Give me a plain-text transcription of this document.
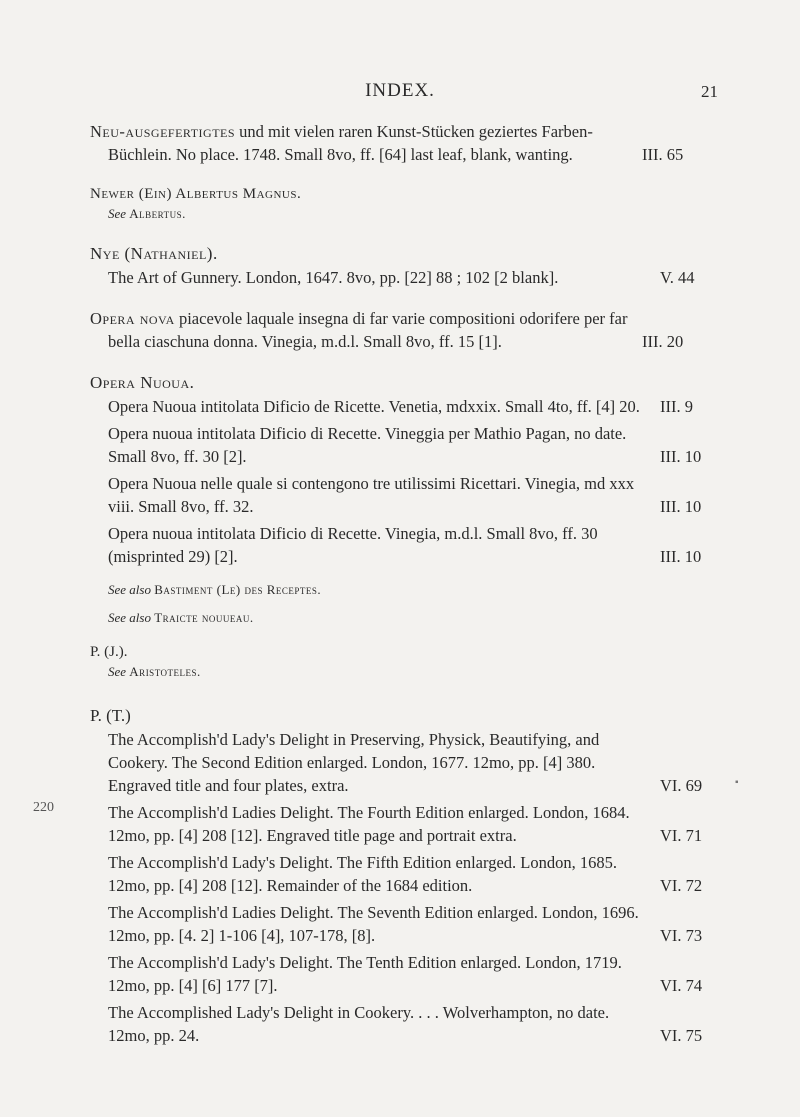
INDEX.	21
220
▪
Neu-ausgefertigtes und mit vielen raren Kunst-Stücken geziertes Farben-Büchlein. No place. 1748. Small 8vo, ff. [64] last leaf, blank, wanting.	III. 65
Newer (Ein) Albertus Magnus.
See Albertus.
Nye (Nathaniel).
The Art of Gunnery. London, 1647. 8vo, pp. [22] 88 ; 102 [2 blank].	V. 44
Opera nova piacevole laquale insegna di far varie compositioni odorifere per far bella ciaschuna donna. Vinegia, m.d.l. Small 8vo, ff. 15 [1].	III. 20
Opera Nuoua.
Opera Nuoua intitolata Dificio de Ricette. Venetia, mdxxix. Small 4to, ff. [4] 20. III. 9
Opera nuoua intitolata Dificio di Recette. Vineggia per Mathio Pagan, no date. Small 8vo, ff. 30 [2].	III. 10
Opera Nuoua nelle quale si contengono tre utilissimi Ricettari. Vinegia, md xxx viii. Small 8vo, ff. 32.	III. 10
Opera nuoua intitolata Dificio di Recette. Vinegia, m.d.l. Small 8vo, ff. 30 (misprinted 29) [2].	III. 10
See also Bastiment (Le) des Receptes.
See also Traicte nouueau.
P. (J.).
See Aristoteles.
P. (T.)
The Accomplish'd Lady's Delight in Preserving, Physick, Beautifying, and Cookery. The Second Edition enlarged. London, 1677. 12mo, pp. [4] 380. Engraved title and four plates, extra.	VI. 69
The Accomplish'd Ladies Delight. The Fourth Edition enlarged. London, 1684. 12mo, pp. [4] 208 [12]. Engraved title page and portrait extra.	VI. 71
The Accomplish'd Lady's Delight. The Fifth Edition enlarged. London, 1685. 12mo, pp. [4] 208 [12]. Remainder of the 1684 edition.	VI. 72
The Accomplish'd Ladies Delight. The Seventh Edition enlarged. London, 1696. 12mo, pp. [4. 2] 1-106 [4], 107-178, [8].	VI. 73
The Accomplish'd Lady's Delight. The Tenth Edition enlarged. London, 1719. 12mo, pp. [4] [6] 177 [7].	VI. 74
The Accomplished Lady's Delight in Cookery. . . . Wolverhampton, no date. 12mo, pp. 24.	VI. 75
